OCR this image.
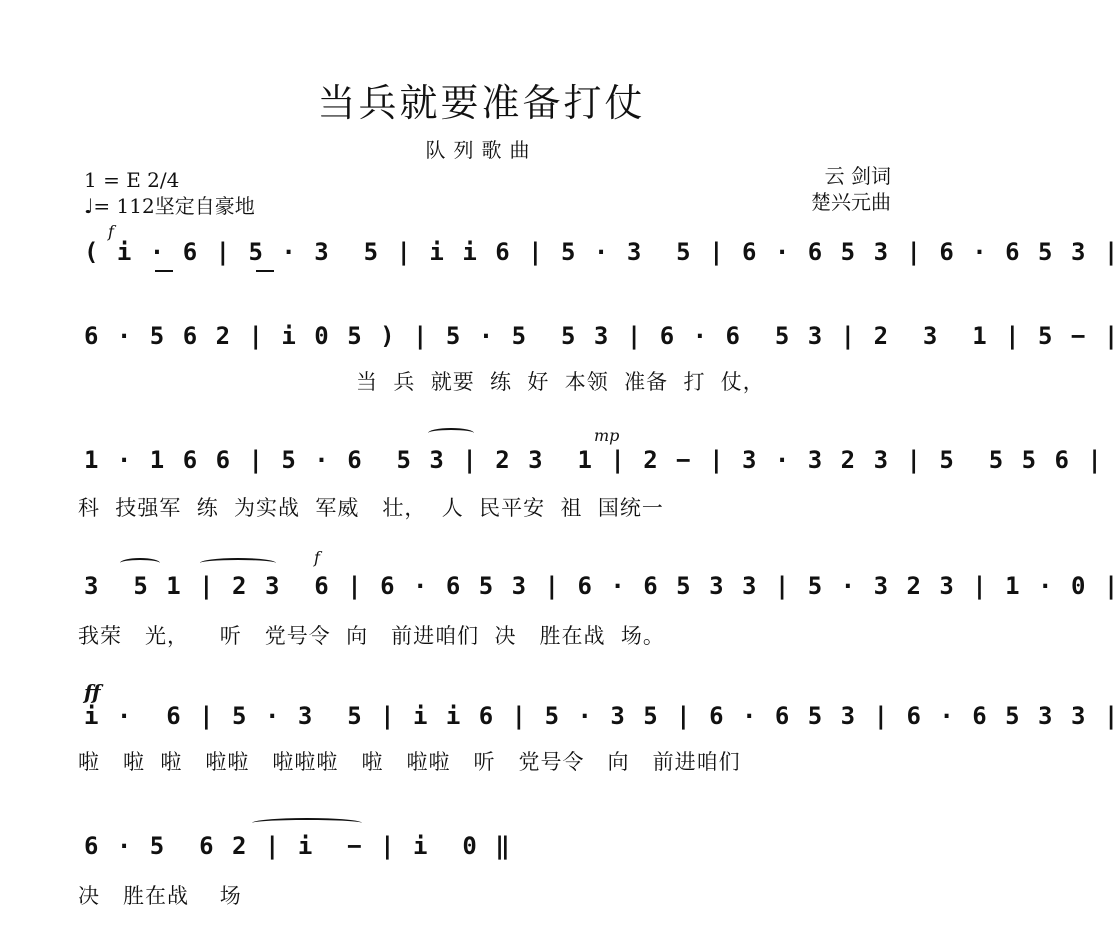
当兵就要准备打仗
队列歌曲
1 = E 2/4
♩= 112坚定自豪地
云 剑词
楚兴元曲
f
( i · 6 | 5 · 3  5 | i i 6 | 5 · 3  5 | 6 · 6 5 3 | 6 · 6 5 3 |
6 · 5 6 2 | i 0 5 ) | 5 · 5  5 3 | 6 · 6  5 3 | 2  3  1 | 5 − |
当  兵  就要  练  好  本领  准备  打  仗，
mp
1 · 1 6 6 | 5 · 6  5 3 | 2 3  1 | 2 − | 3 · 3 2 3 | 5  5 5 6 |
科  技强军  练  为实战  军威   壮，  人  民平安  祖  国统一
f
3  5 1 | 2 3  6 | 6 · 6 5 3 | 6 · 6 5 3 3 | 5 · 3 2 3 | 1 · 0 |
我荣   光，    听   党号令  向   前进咱们  决   胜在战  场。
ff
i ·  6 | 5 · 3  5 | i i 6 | 5 · 3 5 | 6 · 6 5 3 | 6 · 6 5 3 3 |
啦   啦  啦   啦啦   啦啦啦   啦   啦啦   听   党号令   向   前进咱们
6 · 5  6 2 | i  − | i  0 ‖
决   胜在战    场
